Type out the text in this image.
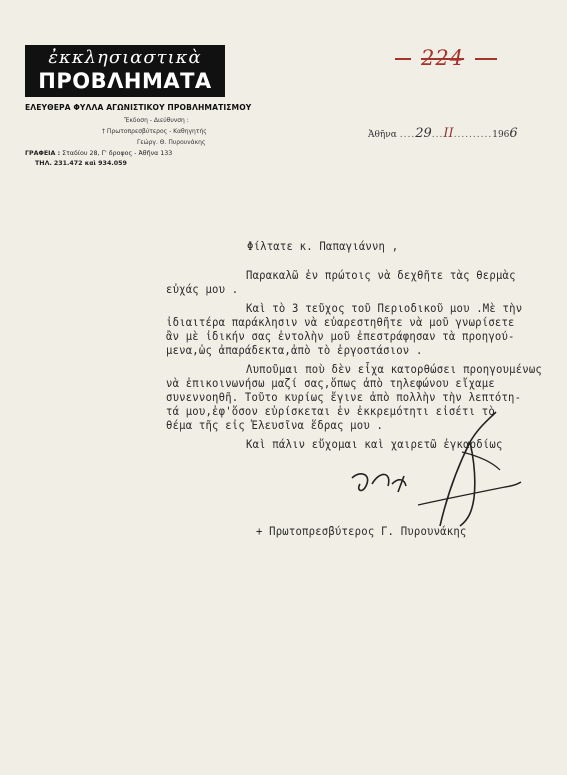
ἐκκλησιαστικὰ
ΠΡΟΒΛΗΜΑΤΑ
ΕΛΕΥΘΕΡΑ ΦΥΛΛΑ ΑΓΩΝΙΣΤΙΚΟΥ ΠΡΟΒΛΗΜΑΤΙΣΜΟΥ
Ἔκδοση - Διεύθυνση :
† Πρωτοπρεσβύτερος - Καθηγητής
Γεώργ. Θ. Πυρουνάκης
ΓΡΑΦΕΙΑ : Σταδίου 28, Γ' ὄροφος - Ἀθῆνα 133
ΤΗΛ. 231.472 καὶ 934.059
224
Ἀθῆνα ....29...ΙΙ..........1966
Φίλτατε κ. Παπαγιάννη ,
Παρακαλῶ ἐν πρώτοις νὰ δεχθῆτε τὰς θερμὰς
εὐχάς μου .
Καὶ τὸ 3 τεῦχος τοῦ Περιοδικοῦ μου .Μὲ τὴν
ἰδιαιτέρα παράκλησιν νὰ εὐαρεστηθῆτε νὰ μοῦ γνωρίσετε
ἂν μὲ ἰδικήν σας ἐντολὴν μοῦ ἐπεστράφησαν τὰ προηγού-
μενα,ὡς ἀπαράδεκτα,ἀπὸ τὸ ἐργοστάσιον .
Λυποῦμαι ποὺ δὲν εἶχα κατορθώσει προηγουμένως
νὰ ἐπικοινωνήσω μαζί σας,ὅπως ἀπὸ τηλεφώνου εἴχαμε
συνεννοηθῆ. Τοῦτο κυρίως ἔγινε ἀπὸ πολλὴν τὴν λεπτότη-
τά μου,ἐφ'ὅσον εὑρίσκεται ἐν ἐκκρεμότητι εἰσέτι τὸ
θέμα τῆς εἰς Ἐλευσῖνα ἕδρας μου .
Καὶ πάλιν εὔχομαι καὶ χαιρετῶ ἐγκαρδίως
+ Πρωτοπρεσβύτερος Γ. Πυρουνάκης
